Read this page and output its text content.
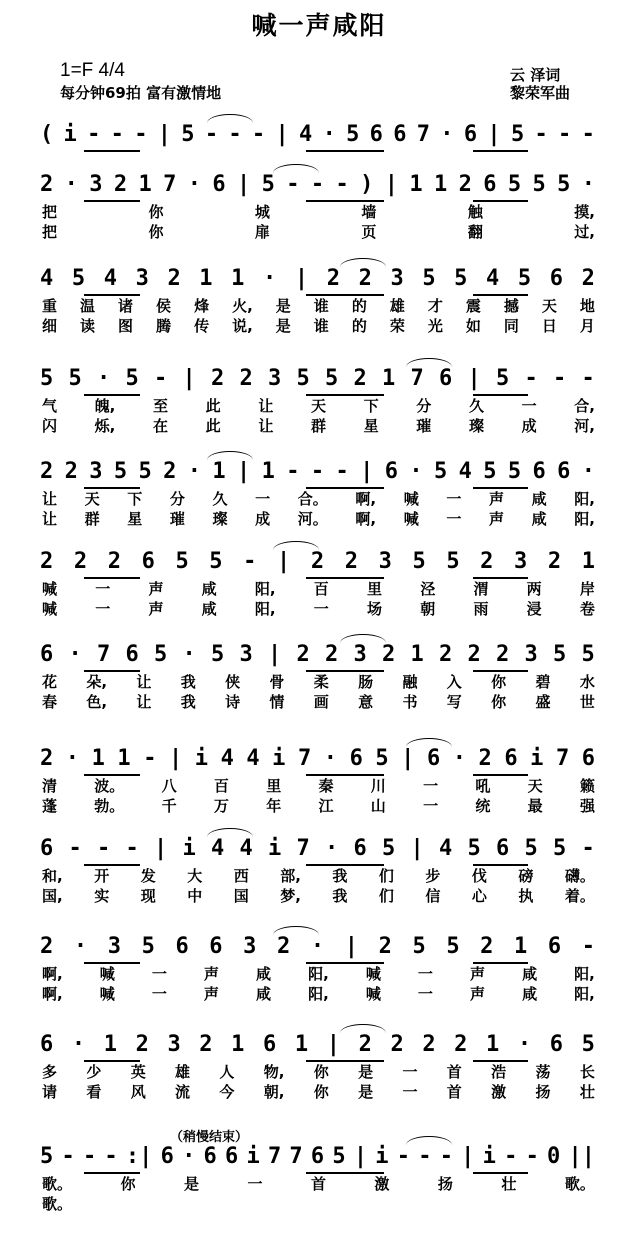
喊一声咸阳
1=F 4/4
每分钟69拍 富有激情地
云 泽词
黎荣军曲
（稍慢结束）
( i - - - | 5 - - - | 4 · 5 6 6 7 · 6 | 5 - - -
2 · 3 2 1 7 · 6 | 5 - - - ) | 1 1 2 6 5 5 5 ·
把	你	城	墙	触	摸,
把	你	扉	页	翻	过,
4 5 4 3 2 1 1 · | 2 2 3 5 5 4 5 6 2
重 温 诸 侯 烽 火, 是 谁 的 雄 才 震 撼 天 地
细 读 图 腾 传 说, 是 谁 的 荣 光 如 同 日 月
5 5 · 5 - | 2 2 3 5 5 2 1 7 6 | 5 - - -
气	魄,	至	此	让	天	下	分	久	一	合,
闪	烁,	在	此	让	群	星	璀	璨	成	河,
2 2 3 5 5 2 · 1 | 1 - - - | 6 · 5 4 5 5 6 6 ·
让 天 下 分 久 一 合。 啊, 喊 一 声 咸 阳,
让 群 星 璀 璨 成 河。 啊, 喊 一 声 咸 阳,
2 2 2 6 5 5 - | 2 2 3 5 5 2 3 2 1
喊	一	声	咸	阳,	百	里	泾	渭	两	岸
喊	一	声	咸	阳,	一	场	朝	雨	浸	卷
6 · 7 6 5 · 5 3 | 2 2 3 2 1 2 2 2 3 5 5
花 朵, 让 我 侠 骨 柔 肠 融 入 你 碧 水
春 色, 让 我 诗 情 画 意 书 写 你 盛 世
2 · 1 1 - | i 4 4 i 7 · 6 5 | 6 · 2 6 i 7 6
清 波。 八 百 里 秦 川 一 吼 天 籁
蓬 勃。 千 万 年 江 山 一 统 最 强
6 - - - | i 4 4 i 7 · 6 5 | 4 5 6 5 5 -
和, 开 发 大 西 部, 我 们 步 伐 磅 礴。
国, 实 现 中 国 梦, 我 们 信 心 执 着。
2 · 3 5 6 6 3 2 · | 2 5 5 2 1 6 -
啊, 喊 一 声 咸 阳, 喊 一 声 咸 阳,
啊, 喊 一 声 咸 阳, 喊 一 声 咸 阳,
6 · 1 2 3 2 1 6 1 | 2 2 2 2 1 · 6 5
多 少 英 雄 人 物, 你 是 一 首 浩 荡 长
请 看 风 流 今 朝, 你 是 一 首 激 扬 壮
5 - - - :| 6 · 6 6 i 7 7 6 5 | i - - - | i - - 0 ||
歌。	你	是	一	首	激	扬	壮	歌。
歌。
